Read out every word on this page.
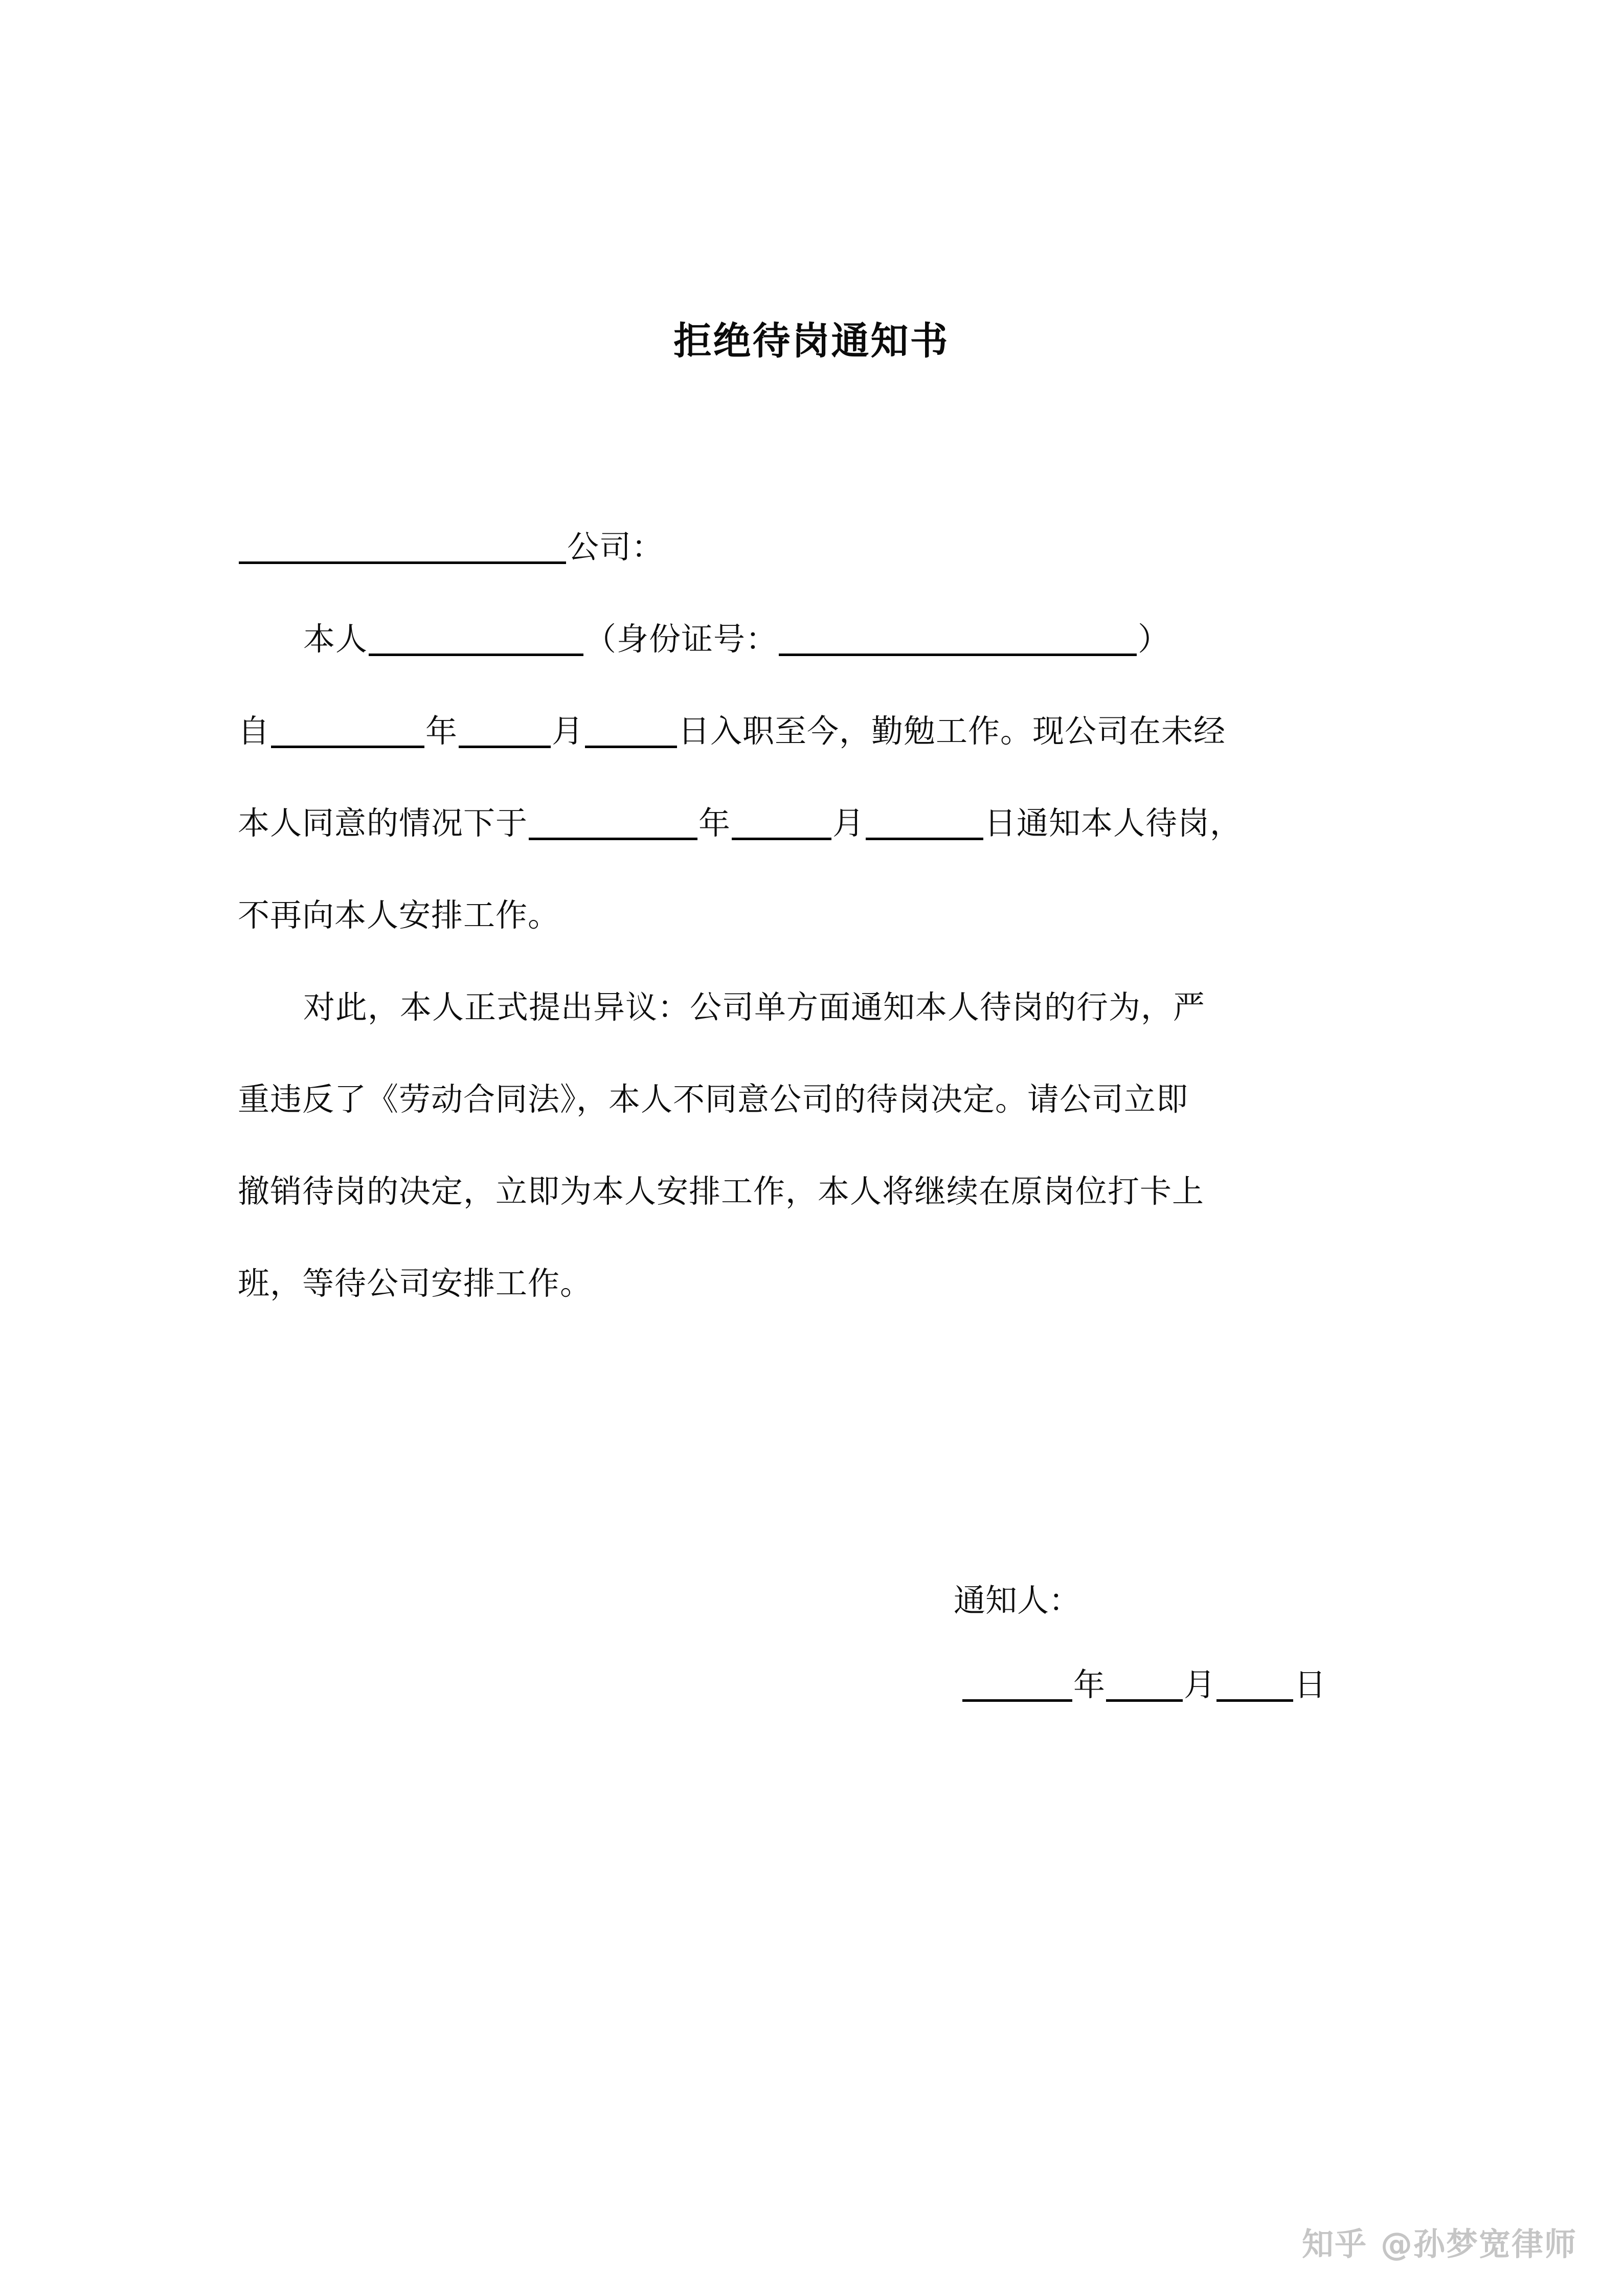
拒绝待岗通知书
公司：
本人	（身份证号：	）
自	年	月	日入职至今，勤勉工作。现公司在未经
本人同意的情况下于	年	月	日通知本人待岗，
不再向本人安排工作。
对此，本人正式提出异议：公司单方面通知本人待岗的行为，严
重违反了《劳动合同法》，本人不同意公司的待岗决定。请公司立即
撤销待岗的决定，立即为本人安排工作，本人将继续在原岗位打卡上
班，等待公司安排工作。
通知人：
年 月 日
知乎 @孙梦宽律师
